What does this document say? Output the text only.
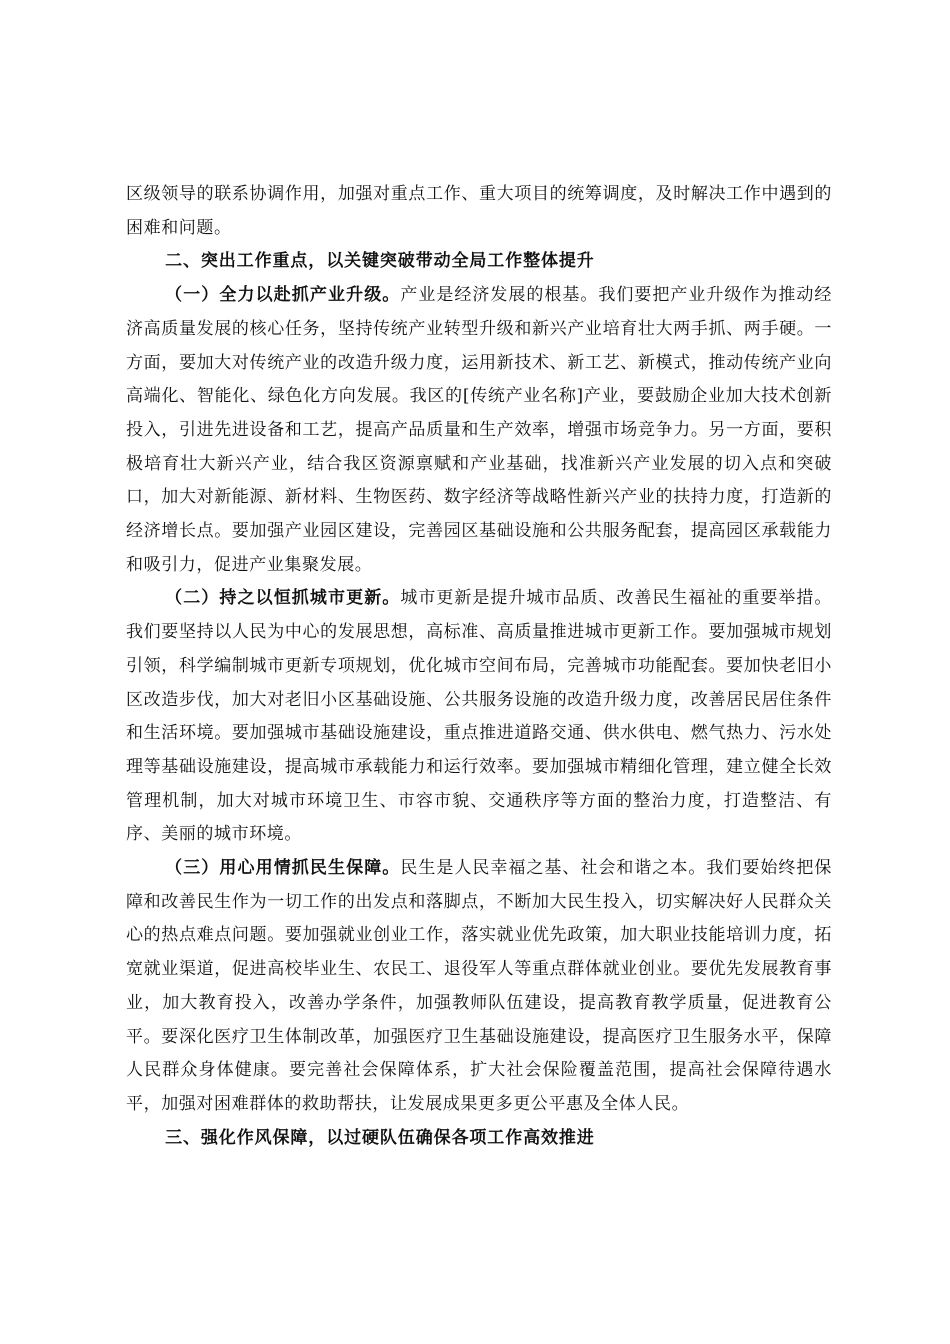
区级领导的联系协调作用，加强对重点工作、重大项目的统筹调度，及时解决工作中遇到的困难和问题。

二、突出工作重点，以关键突破带动全局工作整体提升

（一）全力以赴抓产业升级。产业是经济发展的根基。我们要把产业升级作为推动经济高质量发展的核心任务，坚持传统产业转型升级和新兴产业培育壮大两手抓、两手硬。一方面，要加大对传统产业的改造升级力度，运用新技术、新工艺、新模式，推动传统产业向高端化、智能化、绿色化方向发展。我区的[传统产业名称]产业，要鼓励企业加大技术创新投入，引进先进设备和工艺，提高产品质量和生产效率，增强市场竞争力。另一方面，要积极培育壮大新兴产业，结合我区资源禀赋和产业基础，找准新兴产业发展的切入点和突破口，加大对新能源、新材料、生物医药、数字经济等战略性新兴产业的扶持力度，打造新的经济增长点。要加强产业园区建设，完善园区基础设施和公共服务配套，提高园区承载能力和吸引力，促进产业集聚发展。

（二）持之以恒抓城市更新。城市更新是提升城市品质、改善民生福祉的重要举措。我们要坚持以人民为中心的发展思想，高标准、高质量推进城市更新工作。要加强城市规划引领，科学编制城市更新专项规划，优化城市空间布局，完善城市功能配套。要加快老旧小区改造步伐，加大对老旧小区基础设施、公共服务设施的改造升级力度，改善居民居住条件和生活环境。要加强城市基础设施建设，重点推进道路交通、供水供电、燃气热力、污水处理等基础设施建设，提高城市承载能力和运行效率。要加强城市精细化管理，建立健全长效管理机制，加大对城市环境卫生、市容市貌、交通秩序等方面的整治力度，打造整洁、有序、美丽的城市环境。

（三）用心用情抓民生保障。民生是人民幸福之基、社会和谐之本。我们要始终把保障和改善民生作为一切工作的出发点和落脚点，不断加大民生投入，切实解决好人民群众关心的热点难点问题。要加强就业创业工作，落实就业优先政策，加大职业技能培训力度，拓宽就业渠道，促进高校毕业生、农民工、退役军人等重点群体就业创业。要优先发展教育事业，加大教育投入，改善办学条件，加强教师队伍建设，提高教育教学质量，促进教育公平。要深化医疗卫生体制改革，加强医疗卫生基础设施建设，提高医疗卫生服务水平，保障人民群众身体健康。要完善社会保障体系，扩大社会保险覆盖范围，提高社会保障待遇水平，加强对困难群体的救助帮扶，让发展成果更多更公平惠及全体人民。

三、强化作风保障，以过硬队伍确保各项工作高效推进
